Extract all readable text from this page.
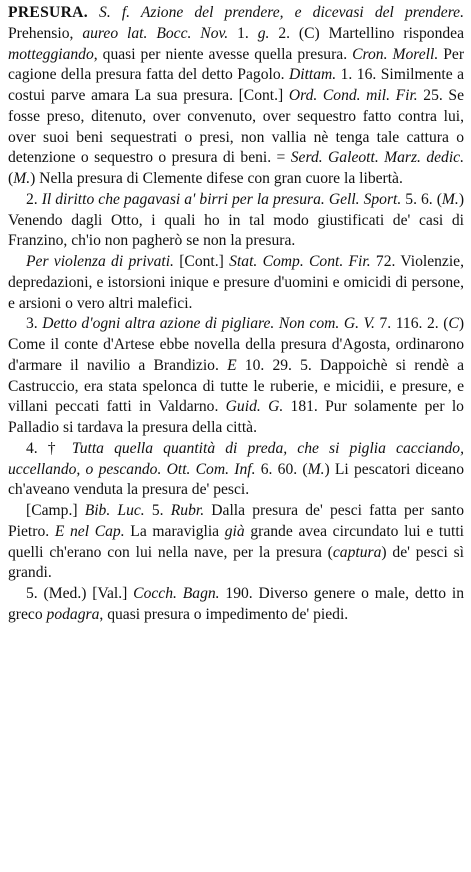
PRESURA. S. f. Azione del prendere, e dicevasi del prendere. Prehensio, aureo lat. Bocc. Nov. 1. g. 2. (C) Martellino rispondea motteggiando, quasi per niente avesse quella presura. Cron. Morell. Per cagione della presura fatta del detto Pagolo. Dittam. 1. 16. Similmente a costui parve amara La sua presura. [Cont.] Ord. Cond. mil. Fir. 25. Se fosse preso, ditenuto, over convenuto, over sequestro fatto contra lui, over suoi beni sequestrati o presi, non vallia nè tenga tale cattura o detenzione o sequestro o presura di beni. = Serd. Galeott. Marz. dedic. (M.) Nella presura di Clemente difese con gran cuore la libertà.

2. Il diritto che pagavasi a' birri per la presura. Gell. Sport. 5. 6. (M.) Venendo dagli Otto, i quali ho in tal modo giustificati de' casi di Franzino, ch'io non pagherò se non la presura.

Per violenza di privati. [Cont.] Stat. Comp. Cont. Fir. 72. Violenzie, depredazioni, e istorsioni inique e presure d'uomini e omicidi di persone, e arsioni o vero altri malefici.

3. Detto d'ogni altra azione di pigliare. Non com. G. V. 7. 116. 2. (C) Come il conte d'Artese ebbe novella della presura d'Agosta, ordinarono d'armare il navilio a Brandizio. E 10. 29. 5. Dappoichè si rendè a Castruccio, era stata spelonca di tutte le ruberie, e micidii, e presure, e villani peccati fatti in Valdarno. Guid. G. 181. Pur solamente per lo Palladio si tardava la presura della città.

4. † Tutta quella quantità di preda, che si piglia cacciando, uccellando, o pescando. Ott. Com. Inf. 6. 60. (M.) Li pescatori diceano ch'aveano venduta la presura de' pesci.

[Camp.] Bib. Luc. 5. Rubr. Dalla presura de' pesci fatta per santo Pietro. E nel Cap. La maraviglia già grande avea circundato lui e tutti quelli ch'erano con lui nella nave, per la presura (captura) de' pesci sì grandi.

5. (Med.) [Val.] Cocch. Bagn. 190. Diverso genere o male, detto in greco podagra, quasi presura o impedimento de' piedi.
